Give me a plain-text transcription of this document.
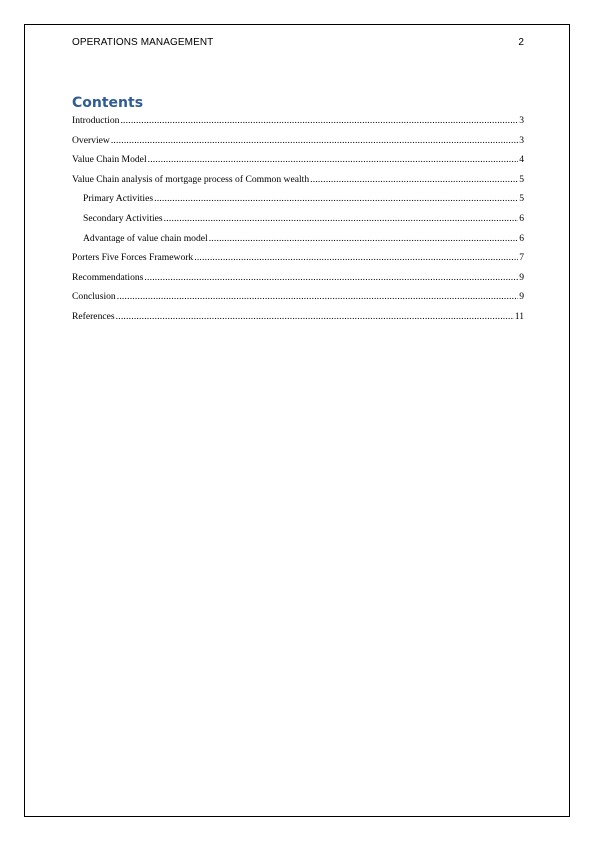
OPERATIONS MANAGEMENT	2
Contents
Introduction .....	3
Overview .....	3
Value Chain Model .....	4
Value Chain analysis of mortgage process of Common wealth .....	5
Primary Activities .....	5
Secondary Activities .....	6
Advantage of value chain model .....	6
Porters Five Forces Framework .....	7
Recommendations .....	9
Conclusion .....	9
References .....	11
